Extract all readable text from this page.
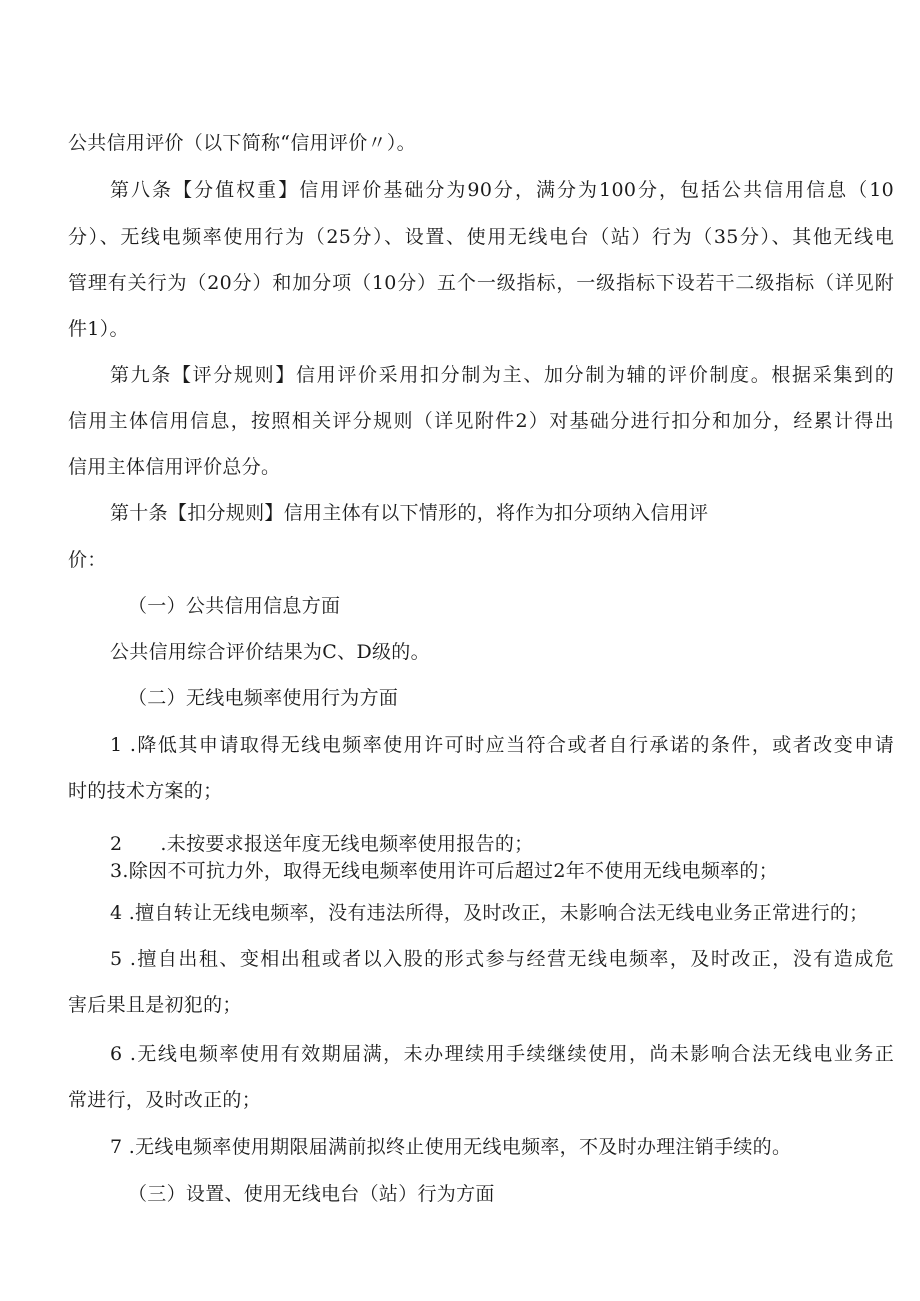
公共信用评价（以下简称“信用评价〃）。
第八条【分值权重】信用评价基础分为90分，满分为100分，包括公共信用信息（10
分）、无线电频率使用行为（25分）、设置、使用无线电台（站）行为（35分）、其他无线电
管理有关行为（20分）和加分项（10分）五个一级指标，一级指标下设若干二级指标（详见附
件1）。
第九条【评分规则】信用评价采用扣分制为主、加分制为辅的评价制度。根据采集到的
信用主体信用信息，按照相关评分规则（详见附件2）对基础分进行扣分和加分，经累计得出
信用主体信用评价总分。
第十条【扣分规则】信用主体有以下情形的，将作为扣分项纳入信用评
价：
（一）公共信用信息方面
公共信用综合评价结果为C、D级的。
（二）无线电频率使用行为方面
1 .降低其申请取得无线电频率使用许可时应当符合或者自行承诺的条件，或者改变申请
时的技术方案的；
2      .未按要求报送年度无线电频率使用报告的；
3.除因不可抗力外，取得无线电频率使用许可后超过2年不使用无线电频率的；
4 .擅自转让无线电频率，没有违法所得，及时改正，未影响合法无线电业务正常进行的；
5 .擅自出租、变相出租或者以入股的形式参与经营无线电频率，及时改正，没有造成危
害后果且是初犯的；
6 .无线电频率使用有效期届满，未办理续用手续继续使用，尚未影响合法无线电业务正
常进行，及时改正的；
7 .无线电频率使用期限届满前拟终止使用无线电频率，不及时办理注销手续的。
（三）设置、使用无线电台（站）行为方面
